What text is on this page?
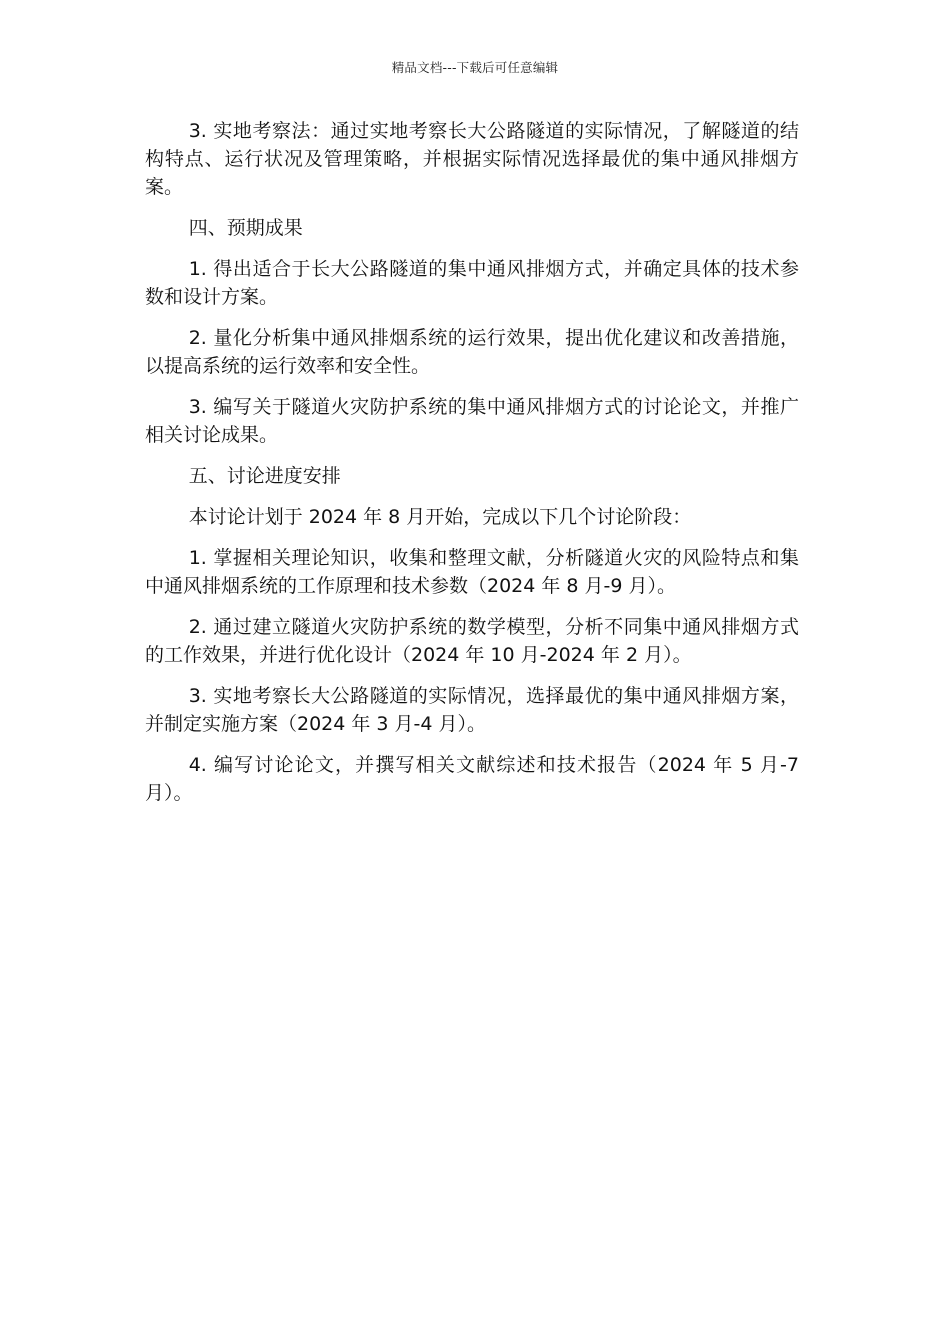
精品文档---下载后可任意编辑

3. 实地考察法：通过实地考察长大公路隧道的实际情况，了解隧道的结构特点、运行状况及管理策略，并根据实际情况选择最优的集中通风排烟方案。

四、预期成果

1. 得出适合于长大公路隧道的集中通风排烟方式，并确定具体的技术参数和设计方案。

2. 量化分析集中通风排烟系统的运行效果，提出优化建议和改善措施，以提高系统的运行效率和安全性。

3. 编写关于隧道火灾防护系统的集中通风排烟方式的讨论论文，并推广相关讨论成果。

五、讨论进度安排

本讨论计划于 2024 年 8 月开始，完成以下几个讨论阶段：

1. 掌握相关理论知识，收集和整理文献，分析隧道火灾的风险特点和集中通风排烟系统的工作原理和技术参数（2024 年 8 月-9 月）。

2. 通过建立隧道火灾防护系统的数学模型，分析不同集中通风排烟方式的工作效果，并进行优化设计（2024 年 10 月-2024 年 2 月）。

3. 实地考察长大公路隧道的实际情况，选择最优的集中通风排烟方案，并制定实施方案（2024 年 3 月-4 月）。

4. 编写讨论论文，并撰写相关文献综述和技术报告（2024 年 5 月-7 月）。
